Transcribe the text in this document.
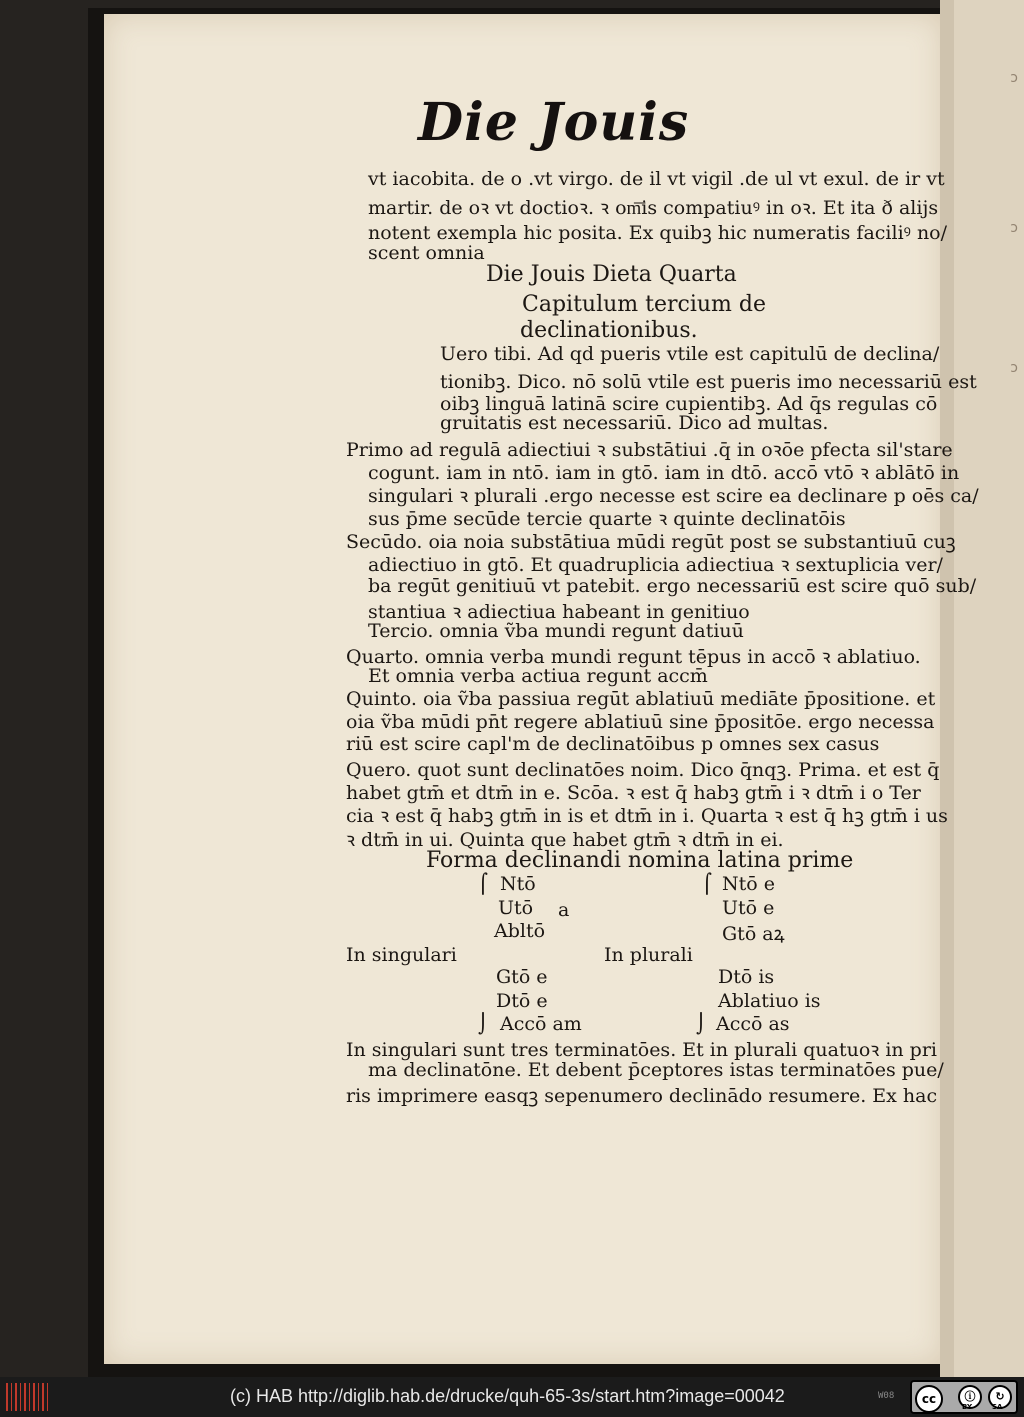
ɔ
ɔ
ɔ
Die Jouis
vt iacobita. de o .vt virgo. de il vt vigil .de ul vt exul. de ir vt
martir. de oꝛ vt doctioꝛ. ꝛ om͞is compatiuꝰ in oꝛ. Et ita ð aliјs
notent exempla hic posita. Ex quibꝫ hic numeratis faciliꝰ no/
scent omnia
Die Jouis Dieta Quarta
Capitulum tercium de
declinationibus.
Uero tibi. Ad qd pueris vtile est capitulū de declina/
tionibꝫ. Dico. nō solū vtile est pueris imo necessariū est
oibꝫ linguā latinā scire cupientibꝫ. Ad q̄s regulas cō
gruitatis est necessariū. Dico ad multas.
Primo ad regulā adiectiui ꝛ substātiui .q̄ in oꝛōe pfecta sil'stare
cogunt. iam in ntō. iam in gtō. iam in dtō. accō vtō ꝛ ablātō in
singulari ꝛ plurali .ergo necesse est scire ea declinare p oēs ca/
sus p̄me secūde tercie quarte ꝛ quinte declinatōis
Secūdo. oia noia substātiua mūdi regūt post se substantiuū cuꝫ
adiectiuo in gtō. Et quadruplicia adiectiua ꝛ sextuplicia ver/
ba regūt genitiuū vt patebit. ergo necessariū est scire quō sub/
stantiua ꝛ adiectiua habeant in genitiuo
Tercio. omnia ṽba mundi regunt datiuū
Quarto. omnia verba mundi regunt tēpus in accō ꝛ ablatiuo.
Et omnia verba actiua regunt accm̄
Quinto. oia ṽba passiua regūt ablatiuū mediāte p̄positione. et
oia ṽba mūdi pn̄t regere ablatiuū sine p̄positōe. ergo necessa
riū est scire capl'm de declinatōibus p omnes sex casus
Quero. quot sunt declinatōes noim. Dico q̄nqꝫ. Prima. et est q̄
habet gtm̄ et dtm̄ in e. Scōa. ꝛ est q̄ habꝫ gtm̄ i ꝛ dtm̄ i o Ter
cia ꝛ est q̄ habꝫ gtm̄ in is et dtm̄ in i. Quarta ꝛ est q̄ hꝫ gtm̄ i us
ꝛ dtm̄ in ui. Quinta que habet gtm̄ ꝛ dtm̄ in ei.
Forma declinandi nomina latina prime
⌠ Ntō	⌠ Ntō e
Utō a	Utō e
Abltō	Gtō aꝝ
In singulari	In plurali
Gtō e	Dtō is
Dtō e	Ablatiuo is
⌡ Accō am	⌡ Accō as
In singulari sunt tres terminatōes. Et in plurali quatuoꝛ in pri
ma declinatōne. Et debent p̄ceptores istas terminatōes pue/
ris imprimere easqꝫ sepenumero declinādo resumere. Ex hac
(c) HAB http://diglib.hab.de/drucke/quh-65-3s/start.htm?image=00042	W08	cc	ⓘ	↻
BY	SA
